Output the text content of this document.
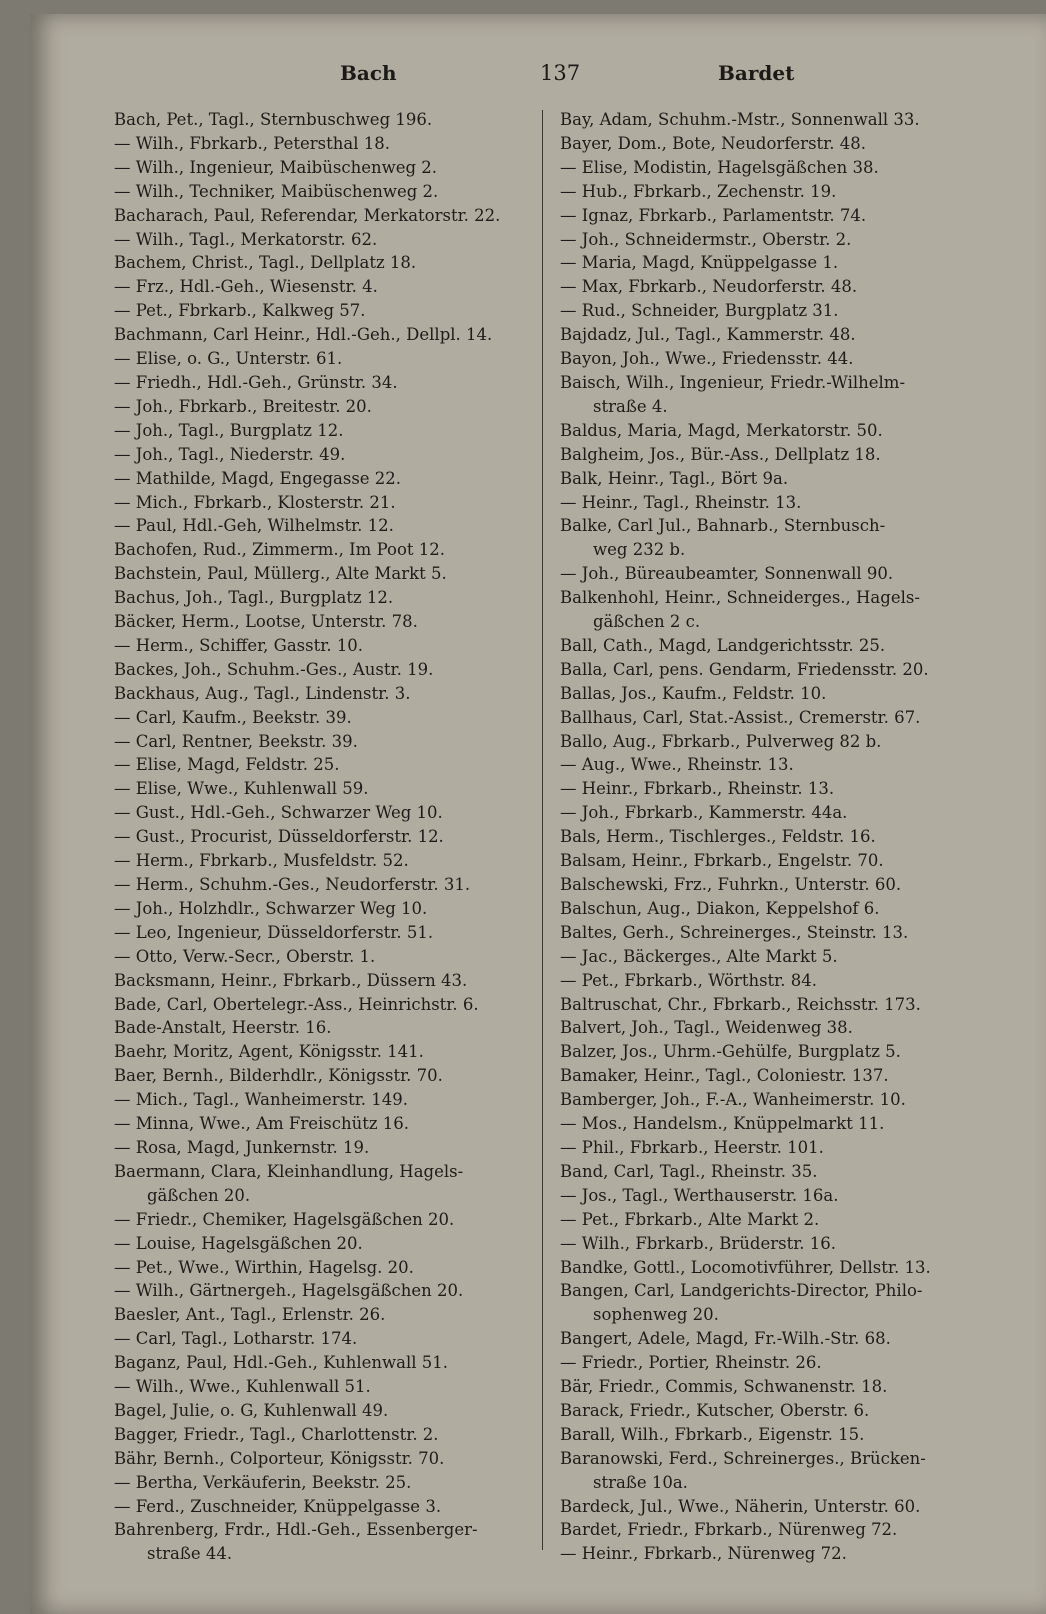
Bach	137	Bardet
Bach, Pet., Tagl., Sternbuschweg 196.
— Wilh., Fbrkarb., Petersthal 18.
— Wilh., Ingenieur, Maibüschenweg 2.
— Wilh., Techniker, Maibüschenweg 2.
Bacharach, Paul, Referendar, Merkatorstr. 22.
— Wilh., Tagl., Merkatorstr. 62.
Bachem, Christ., Tagl., Dellplatz 18.
— Frz., Hdl.-Geh., Wiesenstr. 4.
— Pet., Fbrkarb., Kalkweg 57.
Bachmann, Carl Heinr., Hdl.-Geh., Dellpl. 14.
— Elise, o. G., Unterstr. 61.
— Friedh., Hdl.-Geh., Grünstr. 34.
— Joh., Fbrkarb., Breitestr. 20.
— Joh., Tagl., Burgplatz 12.
— Joh., Tagl., Niederstr. 49.
— Mathilde, Magd, Engegasse 22.
— Mich., Fbrkarb., Klosterstr. 21.
— Paul, Hdl.-Geh, Wilhelmstr. 12.
Bachofen, Rud., Zimmerm., Im Poot 12.
Bachstein, Paul, Müllerg., Alte Markt 5.
Bachus, Joh., Tagl., Burgplatz 12.
Bäcker, Herm., Lootse, Unterstr. 78.
— Herm., Schiffer, Gasstr. 10.
Backes, Joh., Schuhm.-Ges., Austr. 19.
Backhaus, Aug., Tagl., Lindenstr. 3.
— Carl, Kaufm., Beekstr. 39.
— Carl, Rentner, Beekstr. 39.
— Elise, Magd, Feldstr. 25.
— Elise, Wwe., Kuhlenwall 59.
— Gust., Hdl.-Geh., Schwarzer Weg 10.
— Gust., Procurist, Düsseldorferstr. 12.
— Herm., Fbrkarb., Musfeldstr. 52.
— Herm., Schuhm.-Ges., Neudorferstr. 31.
— Joh., Holzhdlr., Schwarzer Weg 10.
— Leo, Ingenieur, Düsseldorferstr. 51.
— Otto, Verw.-Secr., Oberstr. 1.
Backsmann, Heinr., Fbrkarb., Düssern 43.
Bade, Carl, Obertelegr.-Ass., Heinrichstr. 6.
Bade-Anstalt, Heerstr. 16.
Baehr, Moritz, Agent, Königsstr. 141.
Baer, Bernh., Bilderhdlr., Königsstr. 70.
— Mich., Tagl., Wanheimerstr. 149.
— Minna, Wwe., Am Freischütz 16.
— Rosa, Magd, Junkernstr. 19.
Baermann, Clara, Kleinhandlung, Hagels-
gäßchen 20.
— Friedr., Chemiker, Hagelsgäßchen 20.
— Louise, Hagelsgäßchen 20.
— Pet., Wwe., Wirthin, Hagelsg. 20.
— Wilh., Gärtnergeh., Hagelsgäßchen 20.
Baesler, Ant., Tagl., Erlenstr. 26.
— Carl, Tagl., Lotharstr. 174.
Baganz, Paul, Hdl.-Geh., Kuhlenwall 51.
— Wilh., Wwe., Kuhlenwall 51.
Bagel, Julie, o. G, Kuhlenwall 49.
Bagger, Friedr., Tagl., Charlottenstr. 2.
Bähr, Bernh., Colporteur, Königsstr. 70.
— Bertha, Verkäuferin, Beekstr. 25.
— Ferd., Zuschneider, Knüppelgasse 3.
Bahrenberg, Frdr., Hdl.-Geh., Essenberger-
straße 44.
Bay, Adam, Schuhm.-Mstr., Sonnenwall 33.
Bayer, Dom., Bote, Neudorferstr. 48.
— Elise, Modistin, Hagelsgäßchen 38.
— Hub., Fbrkarb., Zechenstr. 19.
— Ignaz, Fbrkarb., Parlamentstr. 74.
— Joh., Schneidermstr., Oberstr. 2.
— Maria, Magd, Knüppelgasse 1.
— Max, Fbrkarb., Neudorferstr. 48.
— Rud., Schneider, Burgplatz 31.
Bajdadz, Jul., Tagl., Kammerstr. 48.
Bayon, Joh., Wwe., Friedensstr. 44.
Baisch, Wilh., Ingenieur, Friedr.-Wilhelm-
straße 4.
Baldus, Maria, Magd, Merkatorstr. 50.
Balgheim, Jos., Bür.-Ass., Dellplatz 18.
Balk, Heinr., Tagl., Bört 9a.
— Heinr., Tagl., Rheinstr. 13.
Balke, Carl Jul., Bahnarb., Sternbusch-
weg 232 b.
— Joh., Büreaubeamter, Sonnenwall 90.
Balkenhohl, Heinr., Schneiderges., Hagels-
gäßchen 2 c.
Ball, Cath., Magd, Landgerichtsstr. 25.
Balla, Carl, pens. Gendarm, Friedensstr. 20.
Ballas, Jos., Kaufm., Feldstr. 10.
Ballhaus, Carl, Stat.-Assist., Cremerstr. 67.
Ballo, Aug., Fbrkarb., Pulverweg 82 b.
— Aug., Wwe., Rheinstr. 13.
— Heinr., Fbrkarb., Rheinstr. 13.
— Joh., Fbrkarb., Kammerstr. 44a.
Bals, Herm., Tischlerges., Feldstr. 16.
Balsam, Heinr., Fbrkarb., Engelstr. 70.
Balschewski, Frz., Fuhrkn., Unterstr. 60.
Balschun, Aug., Diakon, Keppelshof 6.
Baltes, Gerh., Schreinerges., Steinstr. 13.
— Jac., Bäckerges., Alte Markt 5.
— Pet., Fbrkarb., Wörthstr. 84.
Baltruschat, Chr., Fbrkarb., Reichsstr. 173.
Balvert, Joh., Tagl., Weidenweg 38.
Balzer, Jos., Uhrm.-Gehülfe, Burgplatz 5.
Bamaker, Heinr., Tagl., Coloniestr. 137.
Bamberger, Joh., F.-A., Wanheimerstr. 10.
— Mos., Handelsm., Knüppelmarkt 11.
— Phil., Fbrkarb., Heerstr. 101.
Band, Carl, Tagl., Rheinstr. 35.
— Jos., Tagl., Werthauserstr. 16a.
— Pet., Fbrkarb., Alte Markt 2.
— Wilh., Fbrkarb., Brüderstr. 16.
Bandke, Gottl., Locomotivführer, Dellstr. 13.
Bangen, Carl, Landgerichts-Director, Philo-
sophenweg 20.
Bangert, Adele, Magd, Fr.-Wilh.-Str. 68.
— Friedr., Portier, Rheinstr. 26.
Bär, Friedr., Commis, Schwanenstr. 18.
Barack, Friedr., Kutscher, Oberstr. 6.
Barall, Wilh., Fbrkarb., Eigenstr. 15.
Baranowski, Ferd., Schreinerges., Brücken-
straße 10a.
Bardeck, Jul., Wwe., Näherin, Unterstr. 60.
Bardet, Friedr., Fbrkarb., Nürenweg 72.
— Heinr., Fbrkarb., Nürenweg 72.
